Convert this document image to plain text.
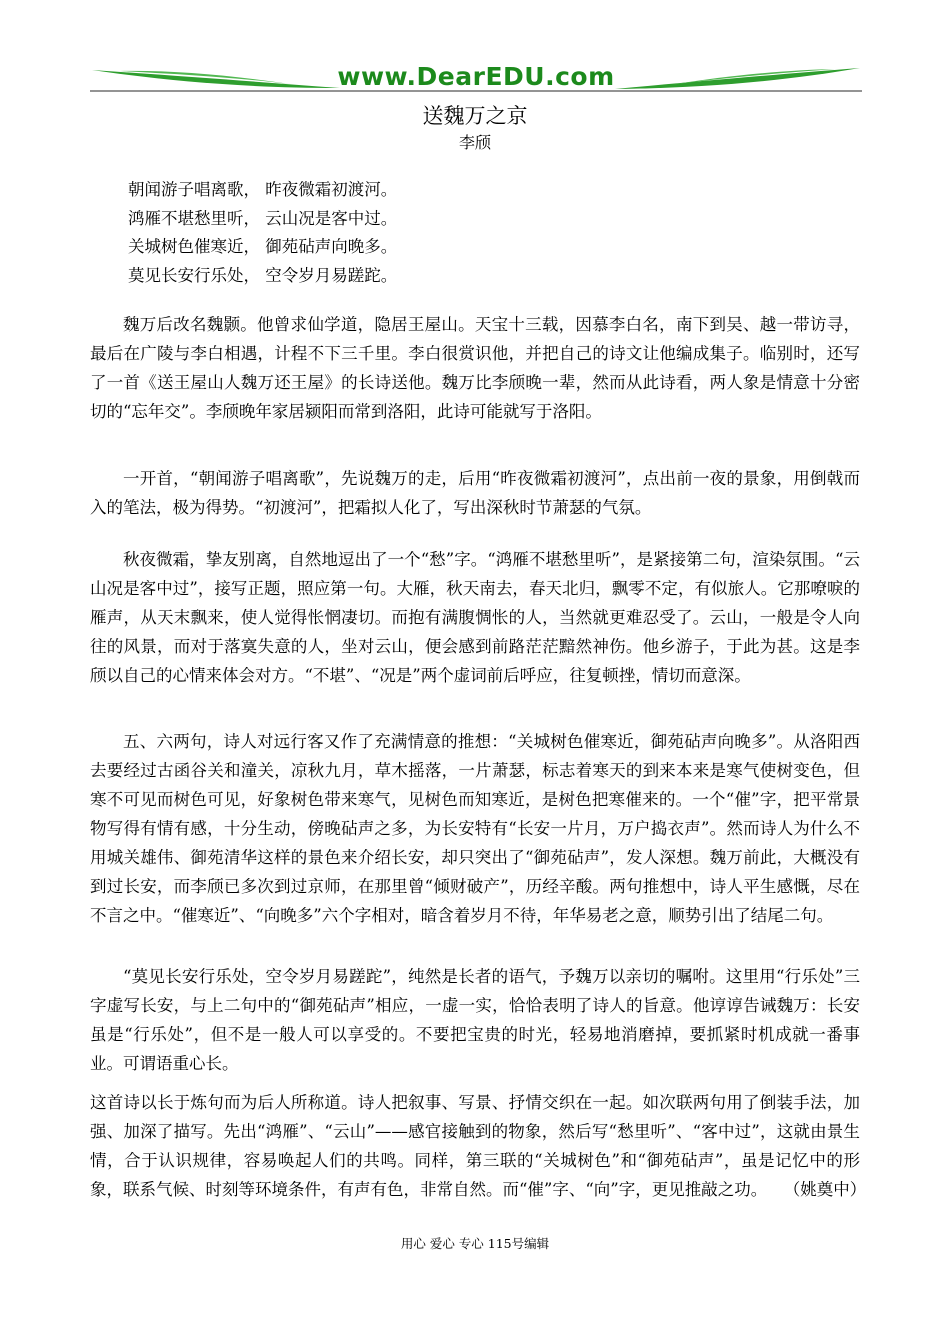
www.DearEDU.com
送魏万之京
李颀
朝闻游子唱离歌， 昨夜微霜初渡河。
鸿雁不堪愁里听， 云山况是客中过。
关城树色催寒近， 御苑砧声向晚多。
莫见长安行乐处， 空令岁月易蹉跎。

魏万后改名魏颢。他曾求仙学道，隐居王屋山。天宝十三载，因慕李白名，南下到吴、越一带访寻，最后在广陵与李白相遇，计程不下三千里。李白很赏识他，并把自己的诗文让他编成集子。临别时，还写了一首《送王屋山人魏万还王屋》的长诗送他。魏万比李颀晚一辈，然而从此诗看，两人象是情意十分密切的“忘年交”。李颀晚年家居颍阳而常到洛阳，此诗可能就写于洛阳。

一开首，“朝闻游子唱离歌”，先说魏万的走，后用“昨夜微霜初渡河”，点出前一夜的景象，用倒戟而入的笔法，极为得势。“初渡河”，把霜拟人化了，写出深秋时节萧瑟的气氛。

秋夜微霜，挚友别离，自然地逗出了一个“愁”字。“鸿雁不堪愁里听”，是紧接第二句，渲染氛围。“云山况是客中过”，接写正题，照应第一句。大雁，秋天南去，春天北归，飘零不定，有似旅人。它那嘹唳的雁声，从天末飘来，使人觉得怅惘凄切。而抱有满腹惆怅的人，当然就更难忍受了。云山，一般是令人向往的风景，而对于落寞失意的人，坐对云山，便会感到前路茫茫黯然神伤。他乡游子，于此为甚。这是李颀以自己的心情来体会对方。“不堪”、“况是”两个虚词前后呼应，往复顿挫，情切而意深。

五、六两句，诗人对远行客又作了充满情意的推想：“关城树色催寒近，御苑砧声向晚多”。从洛阳西去要经过古函谷关和潼关，凉秋九月，草木摇落，一片萧瑟，标志着寒天的到来本来是寒气使树变色，但寒不可见而树色可见，好象树色带来寒气，见树色而知寒近，是树色把寒催来的。一个“催”字，把平常景物写得有情有感，十分生动，傍晚砧声之多，为长安特有“长安一片月，万户捣衣声”。然而诗人为什么不用城关雄伟、御苑清华这样的景色来介绍长安，却只突出了“御苑砧声”，发人深想。魏万前此，大概没有到过长安，而李颀已多次到过京师，在那里曾“倾财破产”，历经辛酸。两句推想中，诗人平生感慨，尽在不言之中。“催寒近”、“向晚多”六个字相对，暗含着岁月不待，年华易老之意，顺势引出了结尾二句。

“莫见长安行乐处，空令岁月易蹉跎”，纯然是长者的语气，予魏万以亲切的嘱咐。这里用“行乐处”三字虚写长安，与上二句中的“御苑砧声”相应，一虚一实，恰恰表明了诗人的旨意。他谆谆告诫魏万：长安虽是“行乐处”，但不是一般人可以享受的。不要把宝贵的时光，轻易地消磨掉，要抓紧时机成就一番事业。可谓语重心长。

这首诗以长于炼句而为后人所称道。诗人把叙事、写景、抒情交织在一起。如次联两句用了倒装手法，加强、加深了描写。先出“鸿雁”、“云山”——感官接触到的物象，然后写“愁里听”、“客中过”，这就由景生情，合于认识规律，容易唤起人们的共鸣。同样，第三联的“关城树色”和“御苑砧声”，虽是记忆中的形象，联系气候、时刻等环境条件，有声有色，非常自然。而“催”字、“向”字，更见推敲之功。　　（姚奠中）

用心 爱心 专心 115号编辑
